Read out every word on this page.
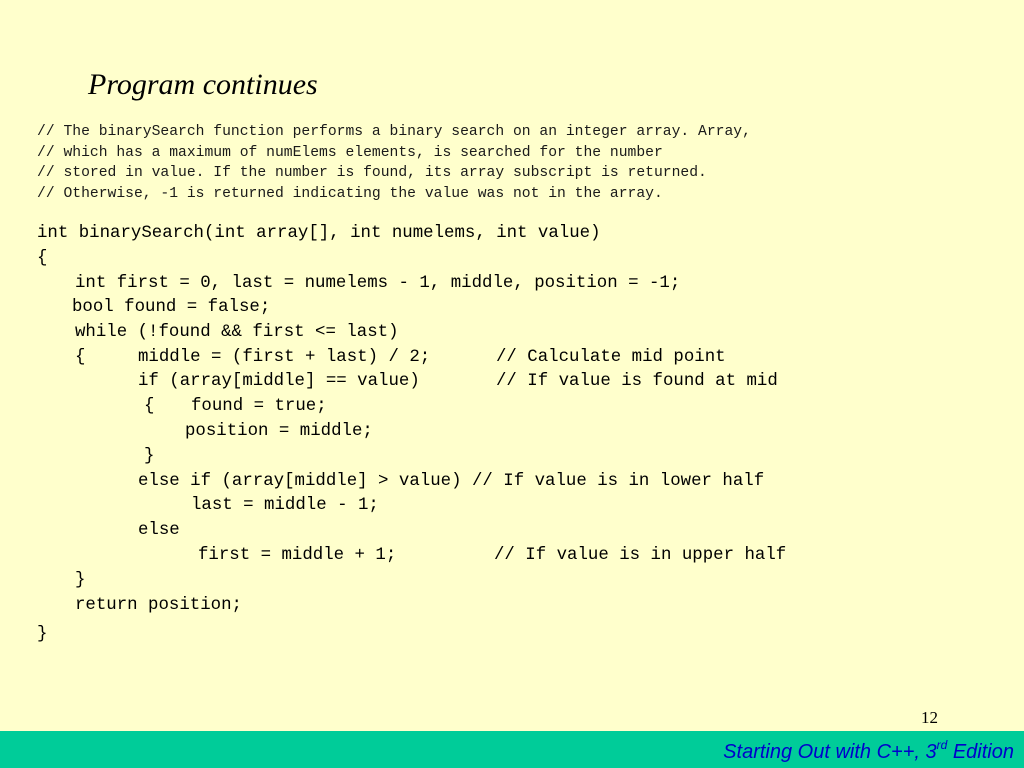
Program continues
// The binarySearch function performs a binary search on an integer array. Array,
// which has a maximum of numElems elements, is searched for the number
// stored in value. If the number is found, its array subscript is returned.
// Otherwise, -1 is returned indicating the value was not in the array.
int binarySearch(int array[], int numelems, int value)
{
int first = 0, last = numelems - 1, middle, position = -1;
bool found = false;
while (!found && first <= last)

{

	middle = (first + last) / 2;

	// Calculate mid point

if (array[middle] == value)

	// If value is found at mid

{

found = true;

position = middle;
}
else if (array[middle] > value) // If value is in lower half
last = middle - 1;
else

first = middle + 1;

	// If value is in upper half

}
return position;
}
12
Starting Out with C++, 3rd Edition
